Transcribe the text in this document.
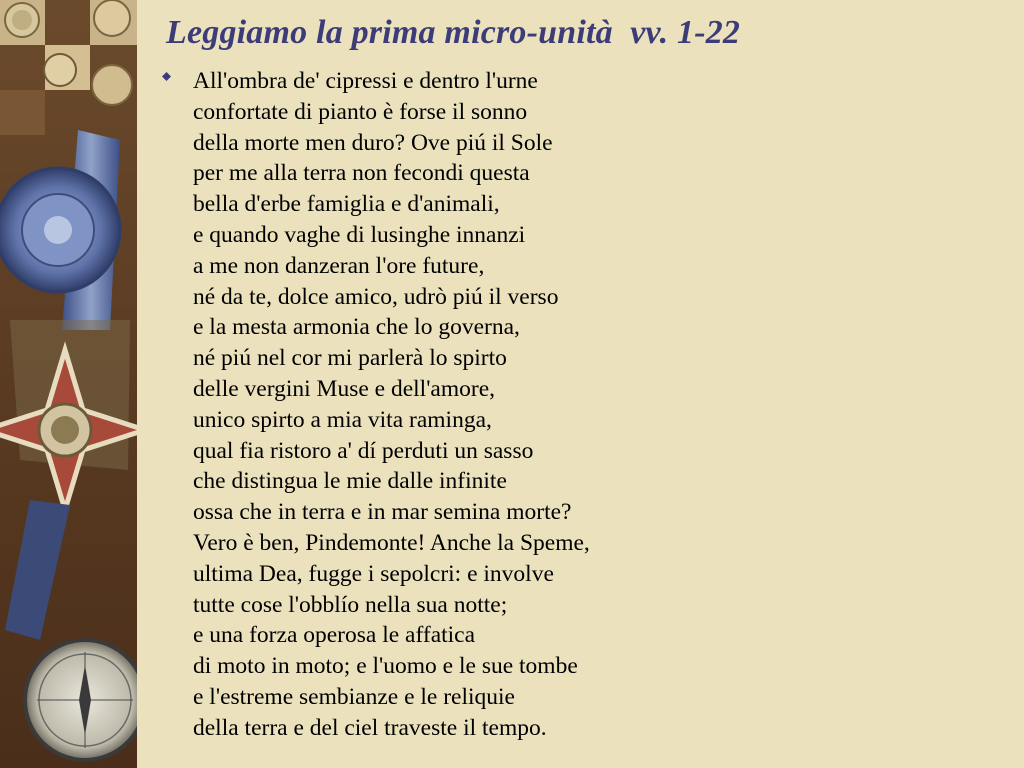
Leggiamo la prima micro-unità  vv. 1-22
All'ombra de' cipressi e dentro l'urne
confortate di pianto è forse il sonno
della morte men duro? Ove piú il Sole
per me alla terra non fecondi questa
bella d'erbe famiglia e d'animali,
e quando vaghe di lusinghe innanzi
a me non danzeran l'ore future,
né da te, dolce amico, udrò piú il verso
e la mesta armonia che lo governa,
né piú nel cor mi parlerà lo spirto
delle vergini Muse e dell'amore,
unico spirto a mia vita raminga,
qual fia ristoro a' dí perduti un sasso
che distingua le mie dalle infinite
ossa che in terra e in mar semina morte?
Vero è ben, Pindemonte! Anche la Speme,
ultima Dea, fugge i sepolcri: e involve
tutte cose l'obblío nella sua notte;
e una forza operosa le affatica
di moto in moto; e l'uomo e le sue tombe
e l'estreme sembianze e le reliquie
della terra e del ciel traveste il tempo.
